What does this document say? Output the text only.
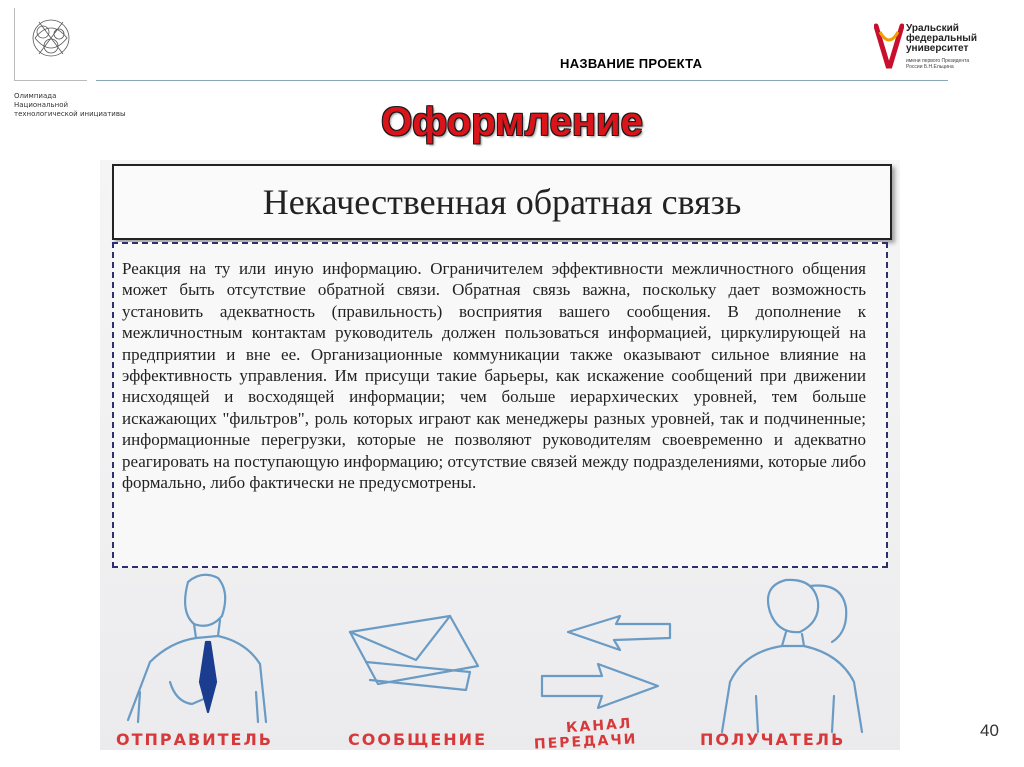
Олимпиада
Национальной
технологической инициативы
НАЗВАНИЕ ПРОЕКТА
Уральский
федеральный
университет
имени первого Президента
России Б.Н.Ельцина
Оформление
Некачественная обратная связь

Реакция на ту или иную информацию. Ограничителем эффективности межличностного общения может быть отсутствие обратной связи. Обратная связь важна, поскольку дает возможность установить адекватность (правильность) восприятия вашего сообщения. В дополнение к межличностным контактам руководитель должен пользоваться информацией, циркулирующей на предприятии и вне ее. Организационные коммуникации также оказывают сильное влияние на эффективность управления. Им присущи такие барьеры, как искажение сообщений при движении нисходящей и восходящей информации; чем больше иерархических уровней, тем больше искажающих "фильтров", роль которых играют как менеджеры разных уровней, так и подчиненные; информационные перегрузки, которые не позволяют руководителям своевременно и адекватно реагировать на поступающую информацию; отсутствие связей между подразделениями, которые либо формально, либо фактически не предусмотрены.

ОТПРАВИТЕЛЬ	СООБЩЕНИЕ
КАНАЛ
ПЕРЕДАЧИ	ПОЛУЧАТЕЛЬ	40
